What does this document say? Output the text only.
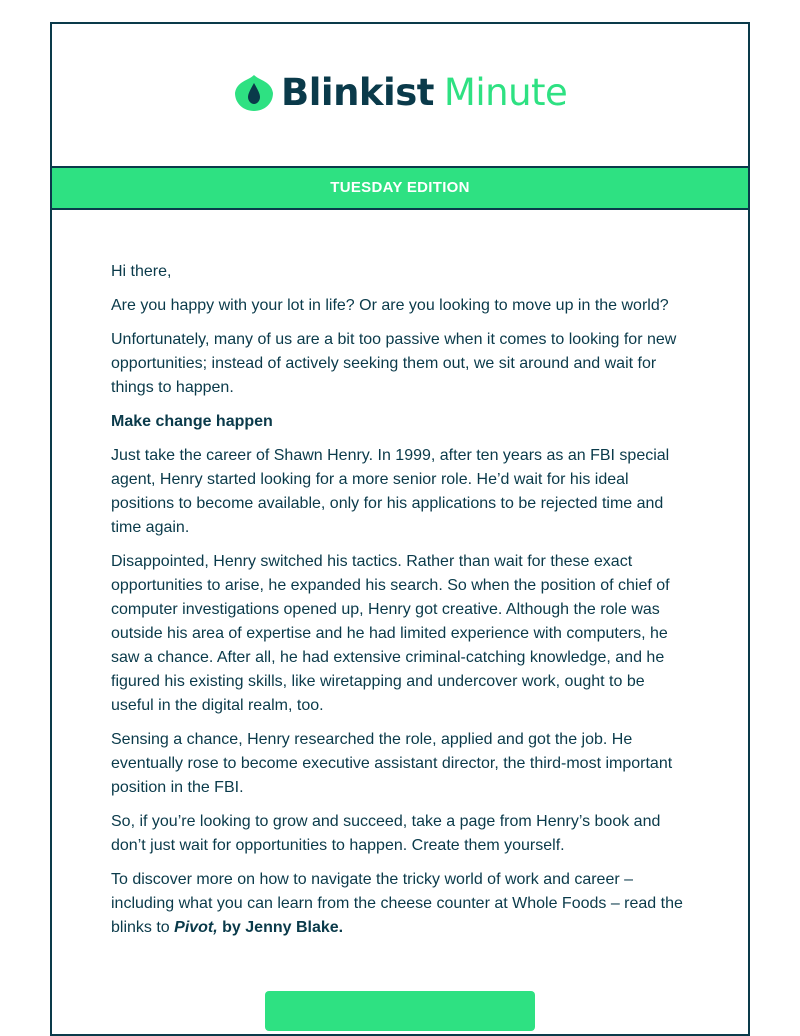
Blinkist Minute
TUESDAY EDITION

Hi there,

Are you happy with your lot in life? Or are you looking to move up in the world?

Unfortunately, many of us are a bit too passive when it comes to looking for new opportunities; instead of actively seeking them out, we sit around and wait for things to happen.

Make change happen

Just take the career of Shawn Henry. In 1999, after ten years as an FBI special agent, Henry started looking for a more senior role. He’d wait for his ideal positions to become available, only for his applications to be rejected time and time again.

Disappointed, Henry switched his tactics. Rather than wait for these exact opportunities to arise, he expanded his search. So when the position of chief of computer investigations opened up, Henry got creative. Although the role was outside his area of expertise and he had limited experience with computers, he saw a chance. After all, he had extensive criminal-catching knowledge, and he figured his existing skills, like wiretapping and undercover work, ought to be useful in the digital realm, too.

Sensing a chance, Henry researched the role, applied and got the job. He eventually rose to become executive assistant director, the third-most important position in the FBI.

So, if you’re looking to grow and succeed, take a page from Henry’s book and don’t just wait for opportunities to happen. Create them yourself.

To discover more on how to navigate the tricky world of work and career – including what you can learn from the cheese counter at Whole Foods – read the blinks to Pivot, by Jenny Blake.
